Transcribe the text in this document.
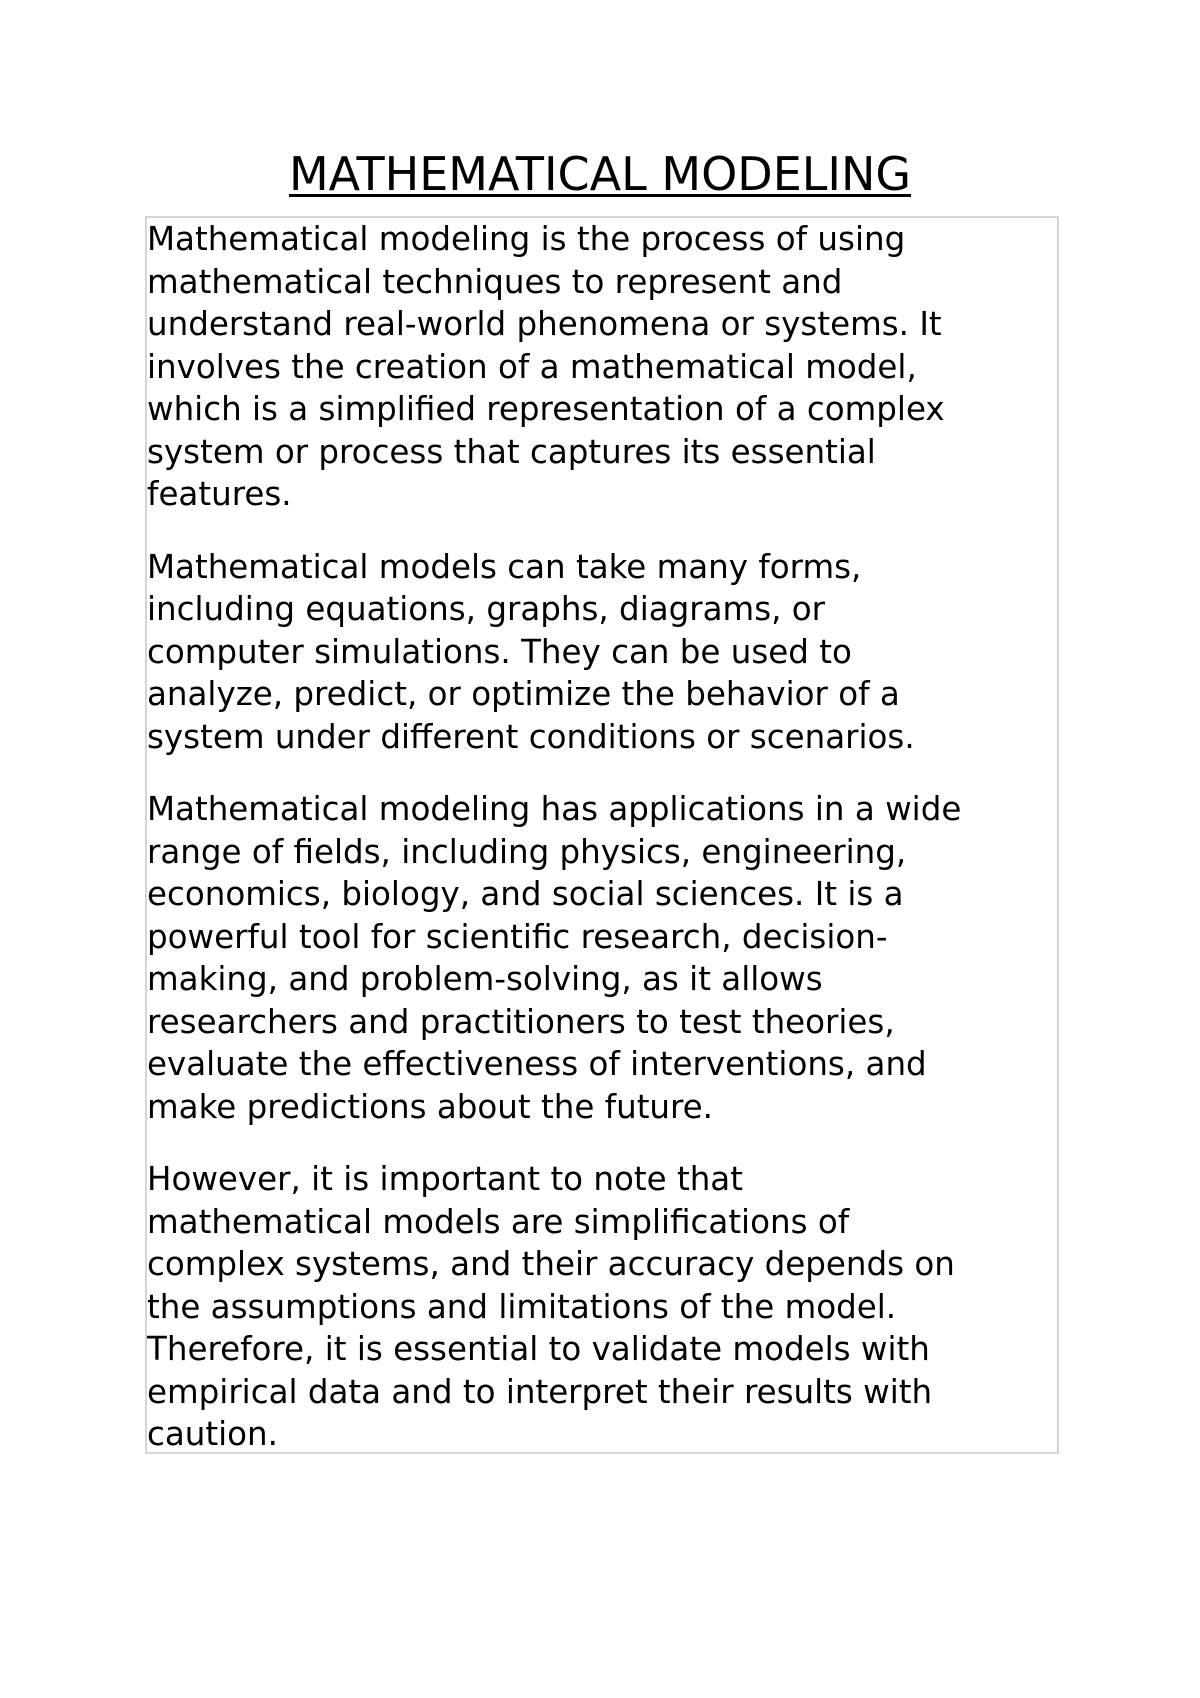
MATHEMATICAL MODELING

Mathematical modeling is the process of using
mathematical techniques to represent and
understand real-world phenomena or systems. It
involves the creation of a mathematical model,
which is a simplified representation of a complex
system or process that captures its essential
features.

Mathematical models can take many forms,
including equations, graphs, diagrams, or
computer simulations. They can be used to
analyze, predict, or optimize the behavior of a
system under different conditions or scenarios.

Mathematical modeling has applications in a wide
range of fields, including physics, engineering,
economics, biology, and social sciences. It is a
powerful tool for scientific research, decision-
making, and problem-solving, as it allows
researchers and practitioners to test theories,
evaluate the effectiveness of interventions, and
make predictions about the future.

However, it is important to note that
mathematical models are simplifications of
complex systems, and their accuracy depends on
the assumptions and limitations of the model.
Therefore, it is essential to validate models with
empirical data and to interpret their results with
caution.
